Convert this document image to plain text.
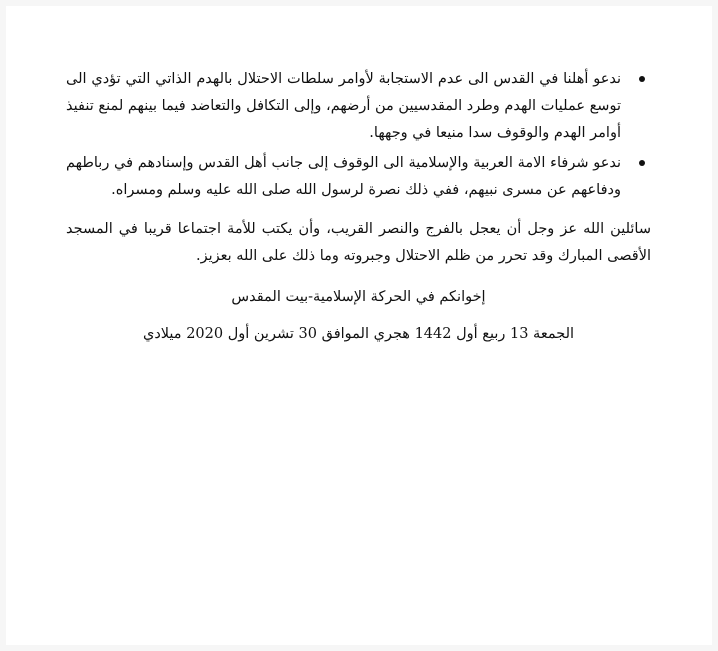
ندعو أهلنا في القدس الى عدم الاستجابة لأوامر سلطات الاحتلال بالهدم الذاتي التي تؤدي الى توسع عمليات الهدم وطرد المقدسيين من أرضهم، وإلى التكافل والتعاضد فيما بينهم لمنع تنفيذ أوامر الهدم والوقوف سدا منيعا في وجهها.
ندعو شرفاء الامة العربية والإسلامية الى الوقوف إلى جانب أهل القدس وإسنادهم في رباطهم ودفاعهم عن مسرى نبيهم، ففي ذلك نصرة لرسول الله صلى الله عليه وسلم ومسراه.

سائلين الله عز وجل أن يعجل بالفرج والنصر القريب، وأن يكتب للأمة اجتماعا قريبا في المسجد الأقصى المبارك وقد تحرر من ظلم الاحتلال وجبروته وما ذلك على الله بعزيز.

إخوانكم في الحركة الإسلامية-بيت المقدس

الجمعة 13 ربيع أول 1442 هجري الموافق 30 تشرين أول 2020 ميلادي
